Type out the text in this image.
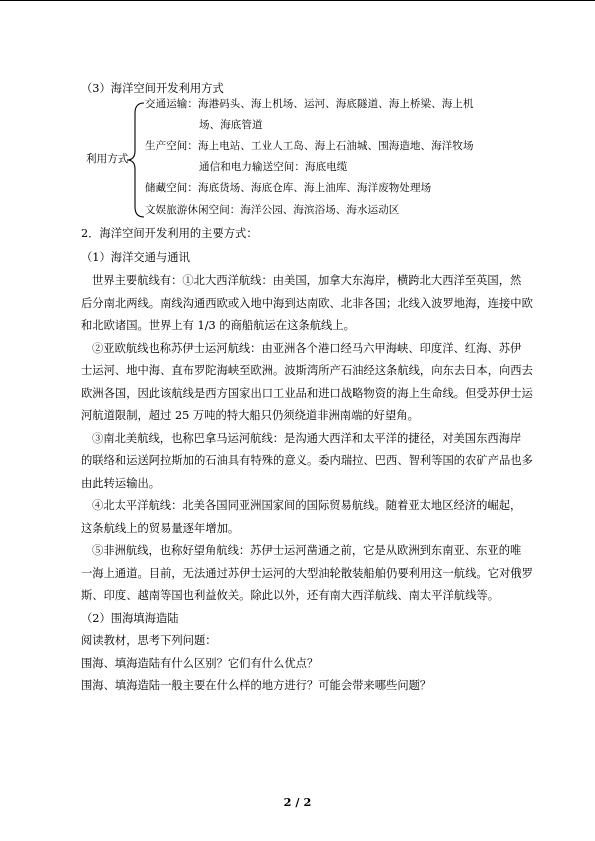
（3）海洋空间开发利用方式
利用方式
交通运输：海港码头、海上机场、运河、海底隧道、海上桥梁、海上机
场、海底管道
生产空间：海上电站、工业人工岛、海上石油城、围海造地、海洋牧场
通信和电力输送空间：海底电缆
储藏空间：海底货场、海底仓库、海上油库、海洋废物处理场
文娱旅游休闲空间：海洋公园、海滨浴场、海水运动区
2．海洋空间开发利用的主要方式：
（1）海洋交通与通讯
世界主要航线有：①北大西洋航线：由美国，加拿大东海岸，横跨北大西洋至英国，然
后分南北两线。南线沟通西欧或入地中海到达南欧、北非各国；北线入波罗地海，连接中欧
和北欧诸国。世界上有 1/3 的商船航运在这条航线上。
②亚欧航线也称苏伊士运河航线：由亚洲各个港口经马六甲海峡、印度洋、红海、苏伊
士运河、地中海、直布罗陀海峡至欧洲。波斯湾所产石油经这条航线，向东去日本，向西去
欧洲各国，因此该航线是西方国家出口工业品和进口战略物资的海上生命线。但受苏伊士运
河航道限制，超过 25 万吨的特大船只仍须绕道非洲南端的好望角。
③南北美航线，也称巴拿马运河航线：是沟通大西洋和太平洋的捷径，对美国东西海岸
的联络和运送阿拉斯加的石油具有特殊的意义。委内瑞拉、巴西、智利等国的农矿产品也多
由此转运输出。
④北太平洋航线：北美各国同亚洲国家间的国际贸易航线。随着亚太地区经济的崛起，
这条航线上的贸易量逐年增加。
⑤非洲航线，也称好望角航线：苏伊士运河凿通之前，它是从欧洲到东南亚、东亚的唯
一海上通道。目前，无法通过苏伊士运河的大型油轮散装船舶仍要利用这一航线。它对俄罗
斯、印度、越南等国也利益攸关。除此以外，还有南大西洋航线、南太平洋航线等。
（2）围海填海造陆
阅读教材，思考下列问题：
围海、填海造陆有什么区别？它们有什么优点？
围海、填海造陆一般主要在什么样的地方进行？可能会带来哪些问题？
2 / 2
